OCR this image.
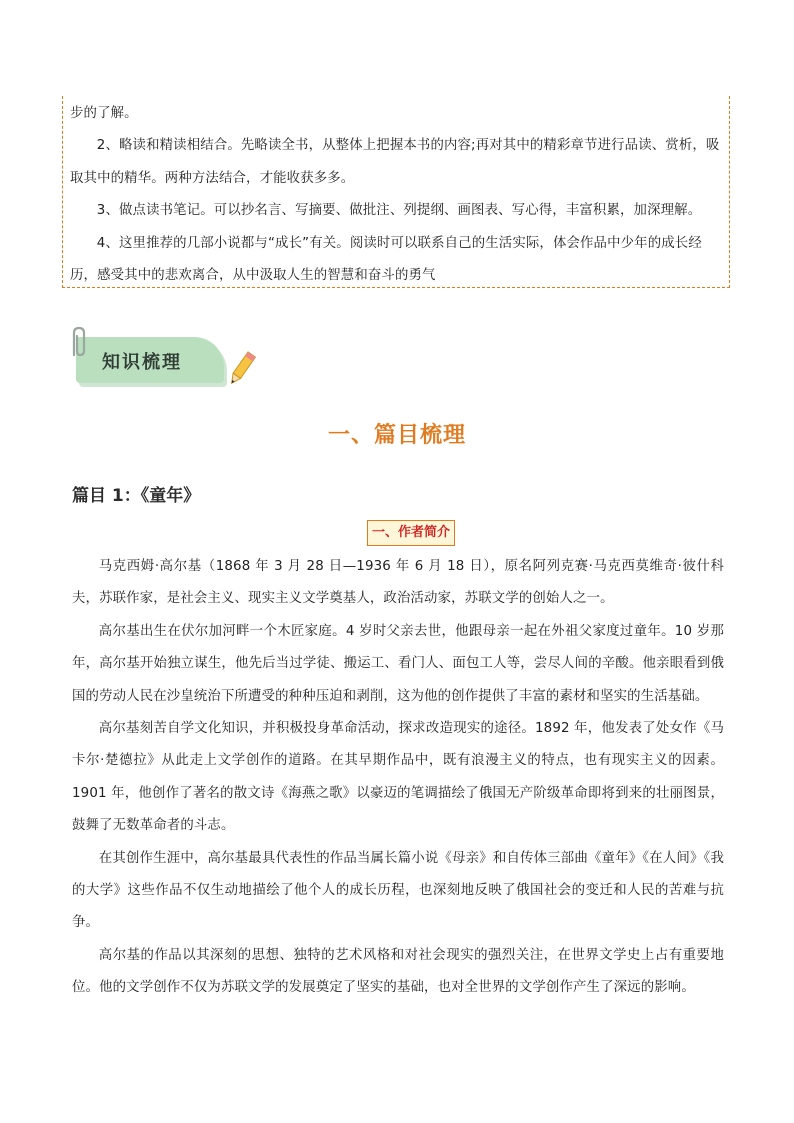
步的了解。

2、略读和精读相结合。先略读全书，从整体上把握本书的内容;再对其中的精彩章节进行品读、赏析，吸取其中的精华。两种方法结合，才能收获多多。

3、做点读书笔记。可以抄名言、写摘要、做批注、列提纲、画图表、写心得，丰富积累，加深理解。

4、这里推荐的几部小说都与“成长”有关。阅读时可以联系自己的生活实际，体会作品中少年的成长经历，感受其中的悲欢离合，从中汲取人生的智慧和奋斗的勇气

知识梳理
一、篇目梳理
篇目 1：《童年》
一、作者简介

马克西姆·高尔基（1868 年 3 月 28 日—1936 年 6 月 18 日），原名阿列克赛·马克西莫维奇·彼什科夫，苏联作家，是社会主义、现实主义文学奠基人，政治活动家，苏联文学的创始人之一。

高尔基出生在伏尔加河畔一个木匠家庭。4 岁时父亲去世，他跟母亲一起在外祖父家度过童年。10 岁那年，高尔基开始独立谋生，他先后当过学徒、搬运工、看门人、面包工人等，尝尽人间的辛酸。他亲眼看到俄国的劳动人民在沙皇统治下所遭受的种种压迫和剥削，这为他的创作提供了丰富的素材和坚实的生活基础。

高尔基刻苦自学文化知识，并积极投身革命活动，探求改造现实的途径。1892 年，他发表了处女作《马卡尔·楚德拉》从此走上文学创作的道路。在其早期作品中，既有浪漫主义的特点，也有现实主义的因素。1901 年，他创作了著名的散文诗《海燕之歌》以豪迈的笔调描绘了俄国无产阶级革命即将到来的壮丽图景，鼓舞了无数革命者的斗志。

在其创作生涯中，高尔基最具代表性的作品当属长篇小说《母亲》和自传体三部曲《童年》《在人间》《我的大学》这些作品不仅生动地描绘了他个人的成长历程，也深刻地反映了俄国社会的变迁和人民的苦难与抗争。

高尔基的作品以其深刻的思想、独特的艺术风格和对社会现实的强烈关注，在世界文学史上占有重要地位。他的文学创作不仅为苏联文学的发展奠定了坚实的基础，也对全世界的文学创作产生了深远的影响。
